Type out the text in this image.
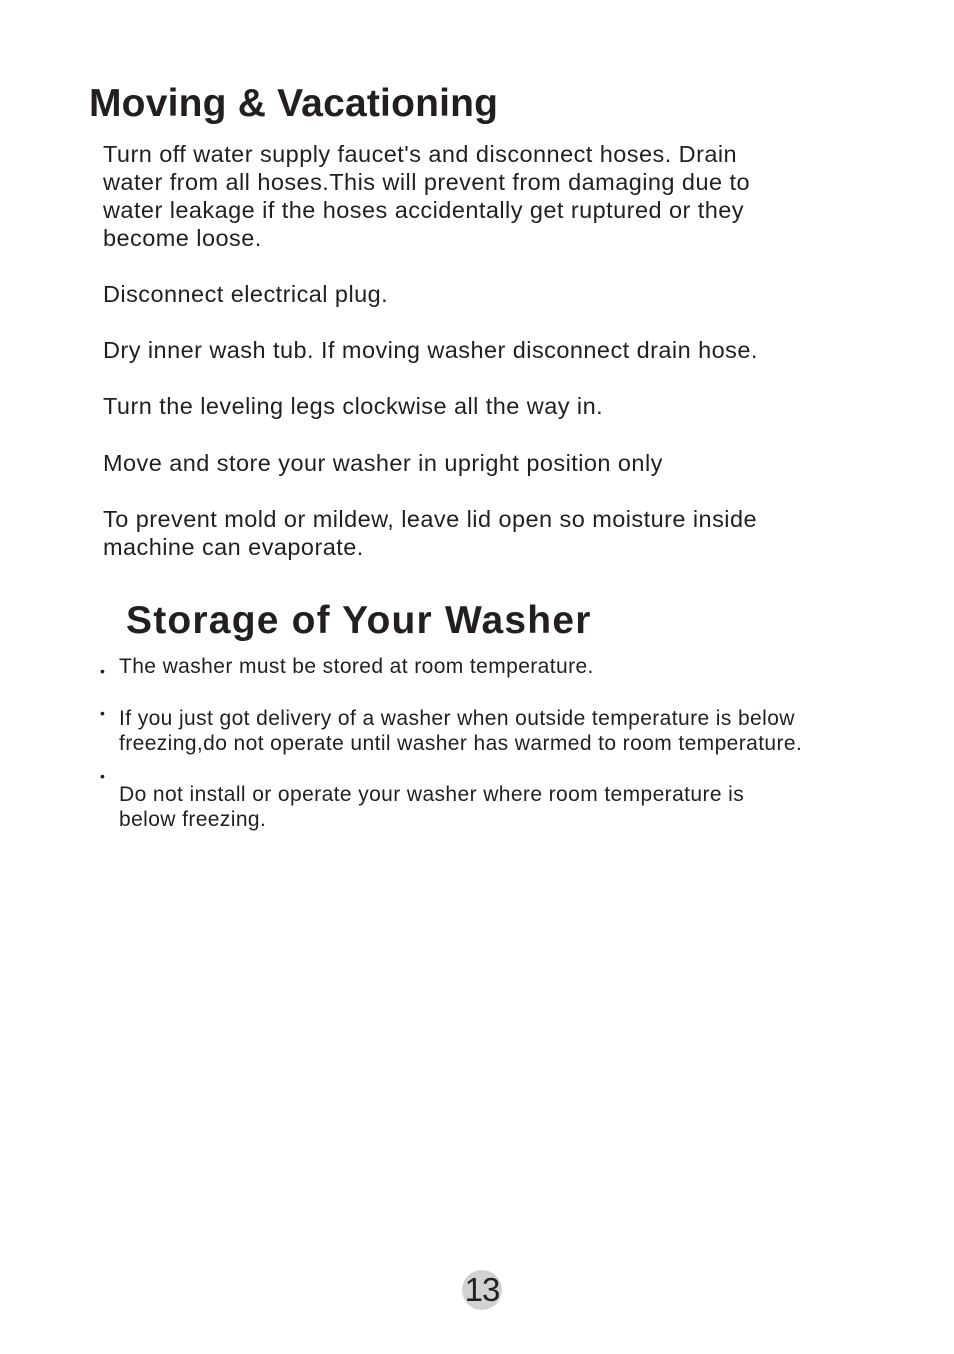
Moving & Vacationing

Turn off water supply faucet's and disconnect hoses. Drain
water from all hoses.This will prevent from damaging due to
water leakage if the hoses accidentally get ruptured or they
become loose.

Disconnect electrical plug.

Dry inner wash tub. If moving washer disconnect drain hose.

Turn the leveling legs clockwise all the way in.

Move and store your washer in upright position only

To prevent mold or mildew, leave lid open so moisture inside
machine can evaporate.

Storage of Your Washer
• The washer must be stored at room temperature.

• If you just got delivery of a washer when outside temperature is below
freezing,do not operate until washer has warmed to room temperature.

•

Do not install or operate your washer where room temperature is
below freezing.

13
